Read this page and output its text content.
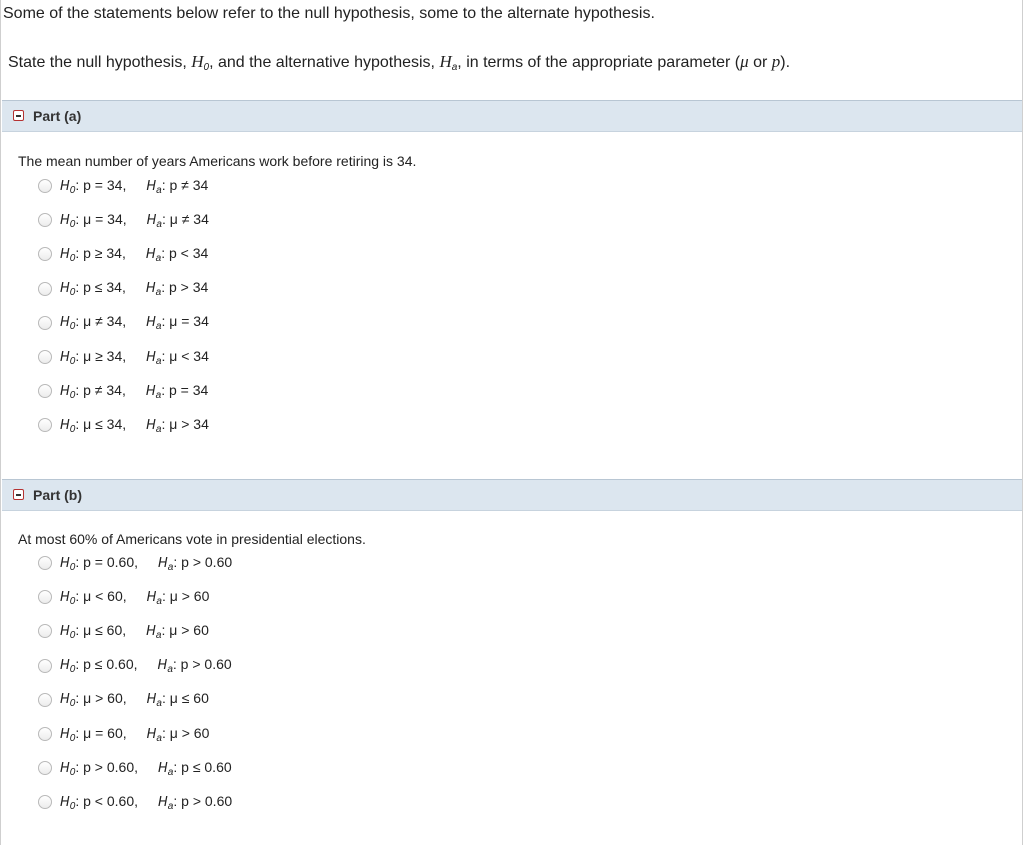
Some of the statements below refer to the null hypothesis, some to the alternate hypothesis.
State the null hypothesis, $H_0$, and the alternative hypothesis, $H_a$, in terms of the appropriate parameter (μ or p).
Part (a)
The mean number of years Americans work before retiring is 34.
$H_0$: p = 34, $H_a$: p ≠ 34
$H_0$: μ = 34, $H_a$: μ ≠ 34
$H_0$: p ≥ 34, $H_a$: p < 34
$H_0$: p ≤ 34, $H_a$: p > 34
$H_0$: μ ≠ 34, $H_a$: μ = 34
$H_0$: μ ≥ 34, $H_a$: μ < 34
$H_0$: p ≠ 34, $H_a$: p = 34
$H_0$: μ ≤ 34, $H_a$: μ > 34
Part (b)
At most 60% of Americans vote in presidential elections.
$H_0$: p = 0.60, $H_a$: p > 0.60
$H_0$: μ < 60, $H_a$: μ > 60
$H_0$: μ ≤ 60, $H_a$: μ > 60
$H_0$: p ≤ 0.60, $H_a$: p > 0.60
$H_0$: μ > 60, $H_a$: μ ≤ 60
$H_0$: μ = 60, $H_a$: μ > 60
$H_0$: p > 0.60, $H_a$: p ≤ 0.60
$H_0$: p < 0.60, $H_a$: p > 0.60
